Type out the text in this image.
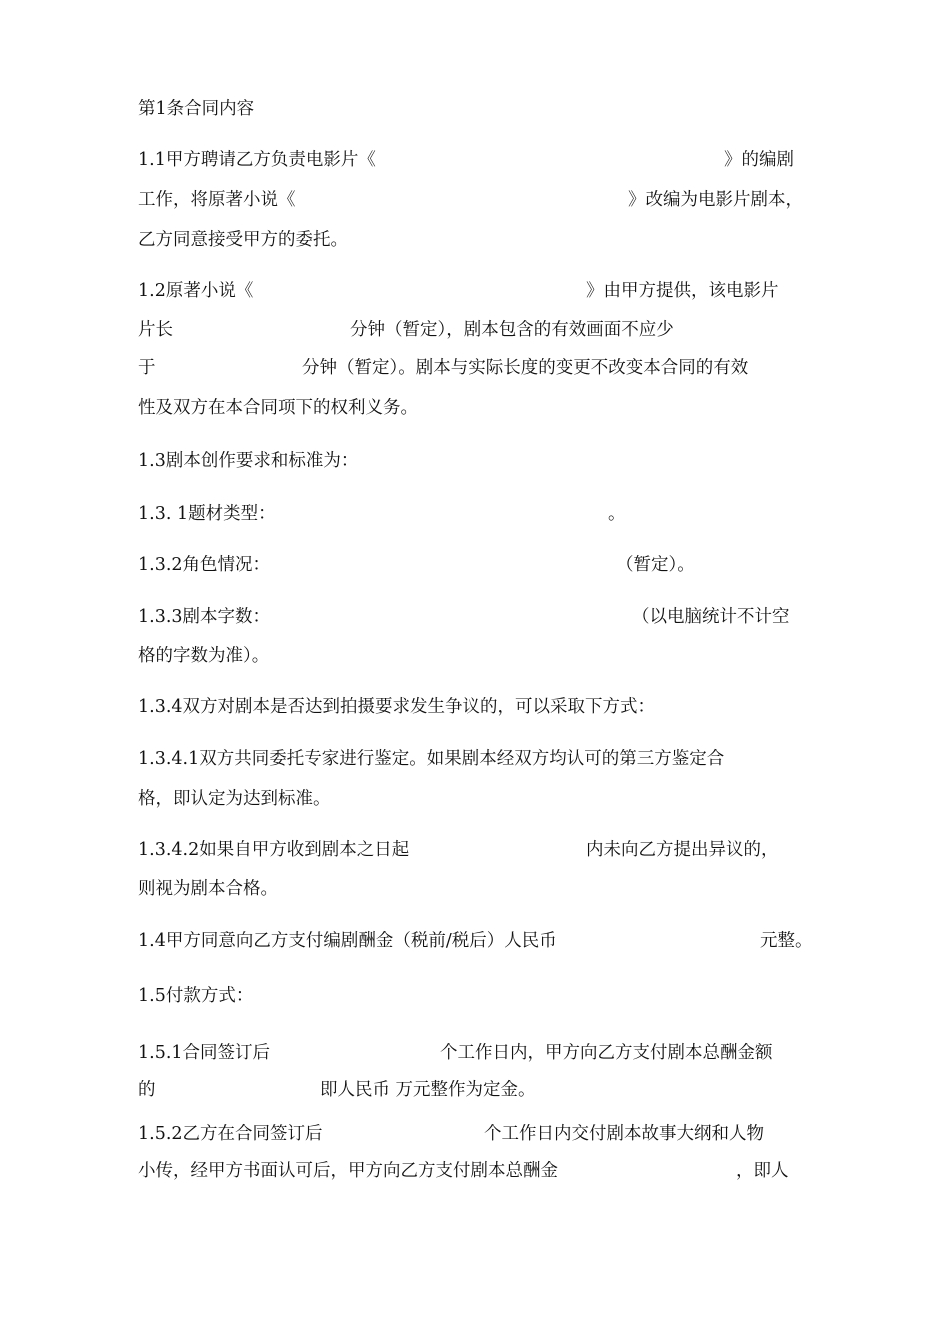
第1条合同内容
1.1甲方聘请乙方负责电影片《	》的编剧
工作，将原著小说《	》改编为电影片剧本，
乙方同意接受甲方的委托。
1.2原著小说《	》由甲方提供，该电影片
片长	分钟（暂定），剧本包含的有效画面不应少
于	分钟（暂定）。剧本与实际长度的变更不改变本合同的有效
性及双方在本合同项下的权利义务。
1.3剧本创作要求和标准为：
1.3. 1题材类型：	。
1.3.2角色情况：	（暂定）。
1.3.3剧本字数：	（以电脑统计不计空
格的字数为准）。
1.3.4双方对剧本是否达到拍摄要求发生争议的，可以采取下方式：
1.3.4.1双方共同委托专家进行鉴定。如果剧本经双方均认可的第三方鉴定合
格，即认定为达到标准。
1.3.4.2如果自甲方收到剧本之日起	内未向乙方提出异议的，
则视为剧本合格。
1.4甲方同意向乙方支付编剧酬金（税前/税后）人民币	元整。
1.5付款方式：
1.5.1合同签订后	个工作日内，甲方向乙方支付剧本总酬金额
的	即人民币 万元整作为定金。
1.5.2乙方在合同签订后	个工作日内交付剧本故事大纲和人物
小传，经甲方书面认可后，甲方向乙方支付剧本总酬金	，即人
